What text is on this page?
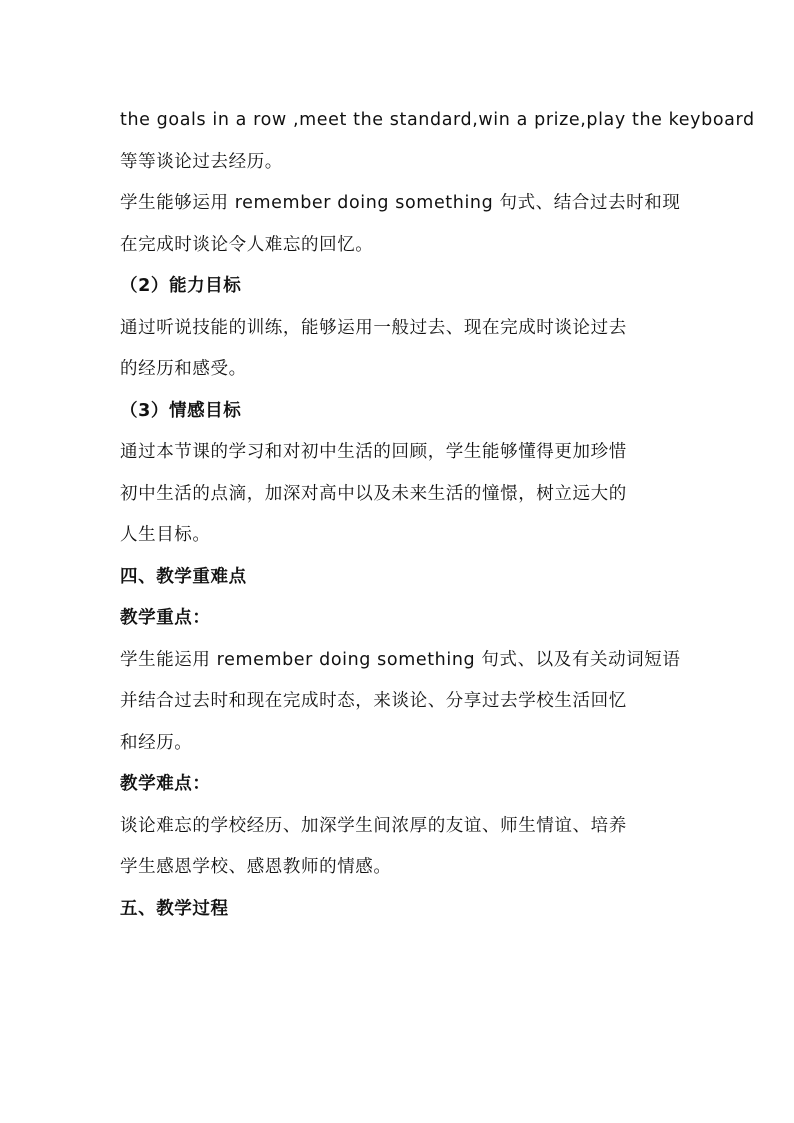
the goals in a row ,meet the standard,win a prize,play the keyboard
等等谈论过去经历。
学生能够运用 remember doing something 句式、结合过去时和现
在完成时谈论令人难忘的回忆。
（2）能力目标
通过听说技能的训练，能够运用一般过去、现在完成时谈论过去
的经历和感受。
（3）情感目标
通过本节课的学习和对初中生活的回顾，学生能够懂得更加珍惜
初中生活的点滴，加深对高中以及未来生活的憧憬，树立远大的
人生目标。
四、教学重难点
教学重点：
学生能运用 remember doing something 句式、以及有关动词短语
并结合过去时和现在完成时态，来谈论、分享过去学校生活回忆
和经历。
教学难点：
谈论难忘的学校经历、加深学生间浓厚的友谊、师生情谊、培养
学生感恩学校、感恩教师的情感。
五、教学过程
